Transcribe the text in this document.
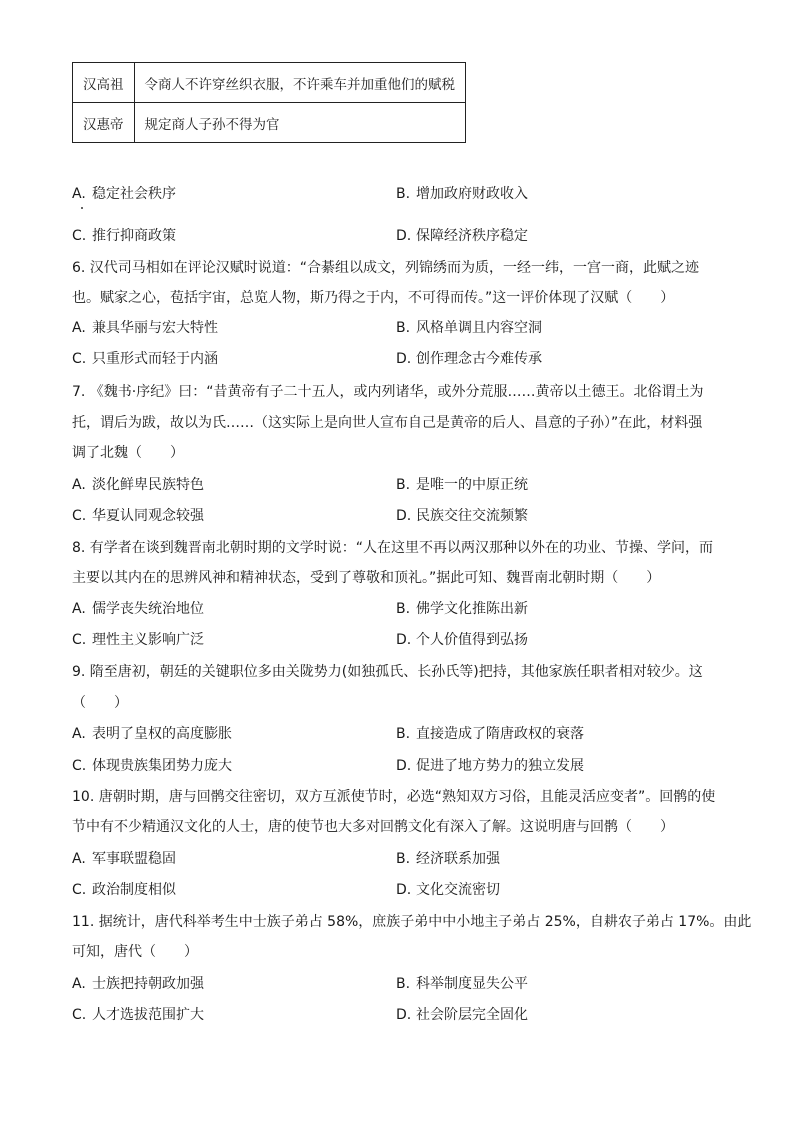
汉高祖	令商人不许穿丝织衣服，不许乘车并加重他们的赋税
汉惠帝	规定商人子孙不得为官
A. 稳定社会秩序	B. 增加政府财政收入
C. 推行抑商政策	D. 保障经济秩序稳定
6. 汉代司马相如在评论汉赋时说道：“合綦组以成文，列锦绣而为质，一经一纬，一宫一商，此赋之迹
也。赋家之心，苞括宇宙，总览人物，斯乃得之于内，不可得而传。”这一评价体现了汉赋（　　）
A. 兼具华丽与宏大特性	B. 风格单调且内容空洞
C. 只重形式而轻于内涵	D. 创作理念古今难传承
7. 《魏书·序纪》曰：“昔黄帝有子二十五人，或内列诸华，或外分荒服……黄帝以土德王。北俗谓土为
托，谓后为跋，故以为氏……（这实际上是向世人宣布自己是黄帝的后人、昌意的子孙）”在此，材料强
调了北魏（　　）
A. 淡化鲜卑民族特色	B. 是唯一的中原正统
C. 华夏认同观念较强	D. 民族交往交流频繁
8. 有学者在谈到魏晋南北朝时期的文学时说：“人在这里不再以两汉那种以外在的功业、节操、学问，而
主要以其内在的思辨风神和精神状态，受到了尊敬和顶礼。”据此可知、魏晋南北朝时期（　　）
A. 儒学丧失统治地位	B. 佛学文化推陈出新
C. 理性主义影响广泛	D. 个人价值得到弘扬
9. 隋至唐初，朝廷的关键职位多由关陇势力(如独孤氏、长孙氏等)把持，其他家族任职者相对较少。这
（　　）
A. 表明了皇权的高度膨胀	B. 直接造成了隋唐政权的衰落
C. 体现贵族集团势力庞大	D. 促进了地方势力的独立发展
10. 唐朝时期，唐与回鹘交往密切，双方互派使节时，必选“熟知双方习俗，且能灵活应变者”。回鹘的使
节中有不少精通汉文化的人士，唐的使节也大多对回鹘文化有深入了解。这说明唐与回鹘（　　）
A. 军事联盟稳固	B. 经济联系加强
C. 政治制度相似	D. 文化交流密切
11. 据统计，唐代科举考生中士族子弟占 58%，庶族子弟中中小地主子弟占 25%，自耕农子弟占 17%。由此
可知，唐代（　　）
A. 士族把持朝政加强	B. 科举制度显失公平
C. 人才选拔范围扩大	D. 社会阶层完全固化
